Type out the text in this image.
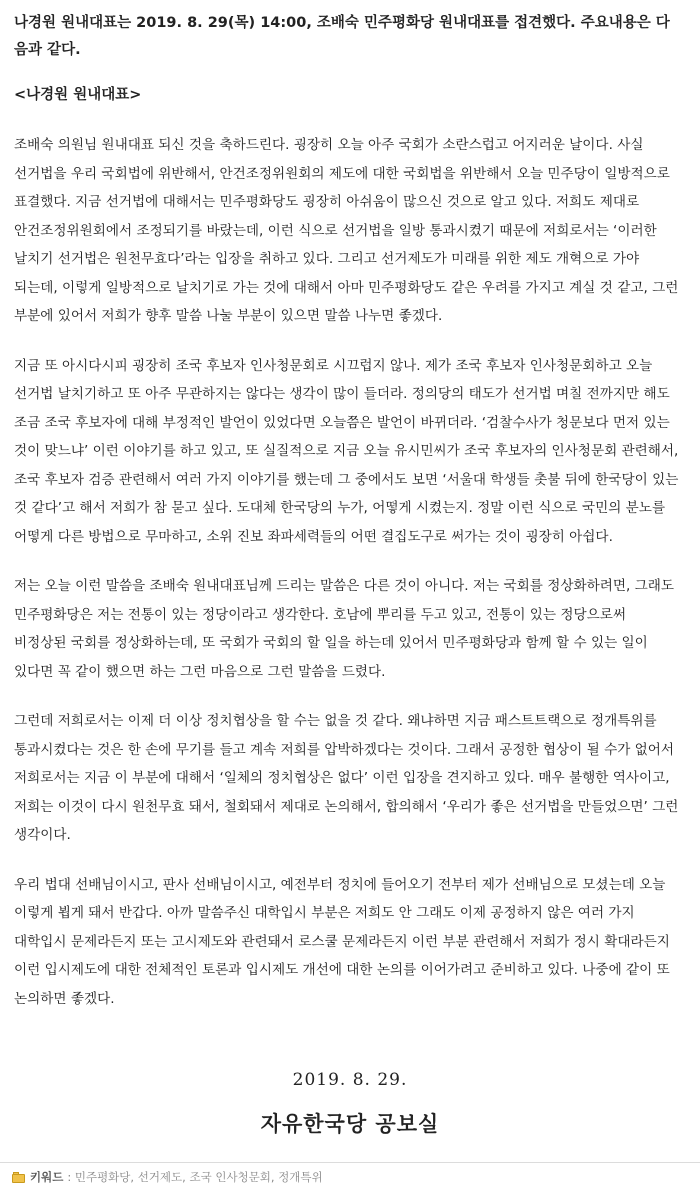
나경원 원내대표는 2019. 8. 29(목) 14:00, 조배숙 민주평화당 원내대표를 접견했다. 주요내용은 다음과 같다.

<나경원 원내대표>

조배숙 의원님 원내대표 되신 것을 축하드린다. 굉장히 오늘 아주 국회가 소란스럽고 어지러운 날이다. 사실 선거법을 우리 국회법에 위반해서, 안건조정위원회의 제도에 대한 국회법을 위반해서 오늘 민주당이 일방적으로 표결했다. 지금 선거법에 대해서는 민주평화당도 굉장히 아쉬움이 많으신 것으로 알고 있다. 저희도 제대로 안건조정위원회에서 조정되기를 바랐는데, 이런 식으로 선거법을 일방 통과시켰기 때문에 저희로서는 ‘이러한 날치기 선거법은 원천무효다’라는 입장을 취하고 있다. 그리고 선거제도가 미래를 위한 제도 개혁으로 가야 되는데, 이렇게 일방적으로 날치기로 가는 것에 대해서 아마 민주평화당도 같은 우려를 가지고 계실 것 같고, 그런 부분에 있어서 저희가 향후 말씀 나눌 부분이 있으면 말씀 나누면 좋겠다.

지금 또 아시다시피 굉장히 조국 후보자 인사청문회로 시끄럽지 않나. 제가 조국 후보자 인사청문회하고 오늘 선거법 날치기하고 또 아주 무관하지는 않다는 생각이 많이 들더라. 정의당의 태도가 선거법 며칠 전까지만 해도 조금 조국 후보자에 대해 부정적인 발언이 있었다면 오늘쯤은 발언이 바뀌더라. ‘검찰수사가 청문보다 먼저 있는 것이 맞느냐’ 이런 이야기를 하고 있고, 또 실질적으로 지금 오늘 유시민씨가 조국 후보자의 인사청문회 관련해서, 조국 후보자 검증 관련해서 여러 가지 이야기를 했는데 그 중에서도 보면 ‘서울대 학생들 촛불 뒤에 한국당이 있는 것 같다’고 해서 저희가 참 묻고 싶다. 도대체 한국당의 누가, 어떻게 시켰는지. 정말 이런 식으로 국민의 분노를 어떻게 다른 방법으로 무마하고, 소위 진보 좌파세력들의 어떤 결집도구로 써가는 것이 굉장히 아쉽다.

저는 오늘 이런 말씀을 조배숙 원내대표님께 드리는 말씀은 다른 것이 아니다. 저는 국회를 정상화하려면, 그래도 민주평화당은 저는 전통이 있는 정당이라고 생각한다. 호남에 뿌리를 두고 있고, 전통이 있는 정당으로써 비정상된 국회를 정상화하는데, 또 국회가 국회의 할 일을 하는데 있어서 민주평화당과 함께 할 수 있는 일이 있다면 꼭 같이 했으면 하는 그런 마음으로 그런 말씀을 드렸다.

그런데 저희로서는 이제 더 이상 정치협상을 할 수는 없을 것 같다. 왜냐하면 지금 패스트트랙으로 정개특위를 통과시켰다는 것은 한 손에 무기를 들고 계속 저희를 압박하겠다는 것이다. 그래서 공정한 협상이 될 수가 없어서 저희로서는 지금 이 부분에 대해서 ‘일체의 정치협상은 없다’ 이런 입장을 견지하고 있다. 매우 불행한 역사이고, 저희는 이것이 다시 원천무효 돼서, 철회돼서 제대로 논의해서, 합의해서 ‘우리가 좋은 선거법을 만들었으면’ 그런 생각이다.

우리 법대 선배님이시고, 판사 선배님이시고, 예전부터 정치에 들어오기 전부터 제가 선배님으로 모셨는데 오늘 이렇게 뵙게 돼서 반갑다. 아까 말씀주신 대학입시 부분은 저희도 안 그래도 이제 공정하지 않은 여러 가지 대학입시 문제라든지 또는 고시제도와 관련돼서 로스쿨 문제라든지 이런 부분 관련해서 저희가 정시 확대라든지 이런 입시제도에 대한 전체적인 토론과 입시제도 개선에 대한 논의를 이어가려고 준비하고 있다. 나중에 같이 또 논의하면 좋겠다.

2019. 8. 29.
자유한국당 공보실
키워드 : 민주평화당, 선거제도, 조국 인사청문회, 정개특위
